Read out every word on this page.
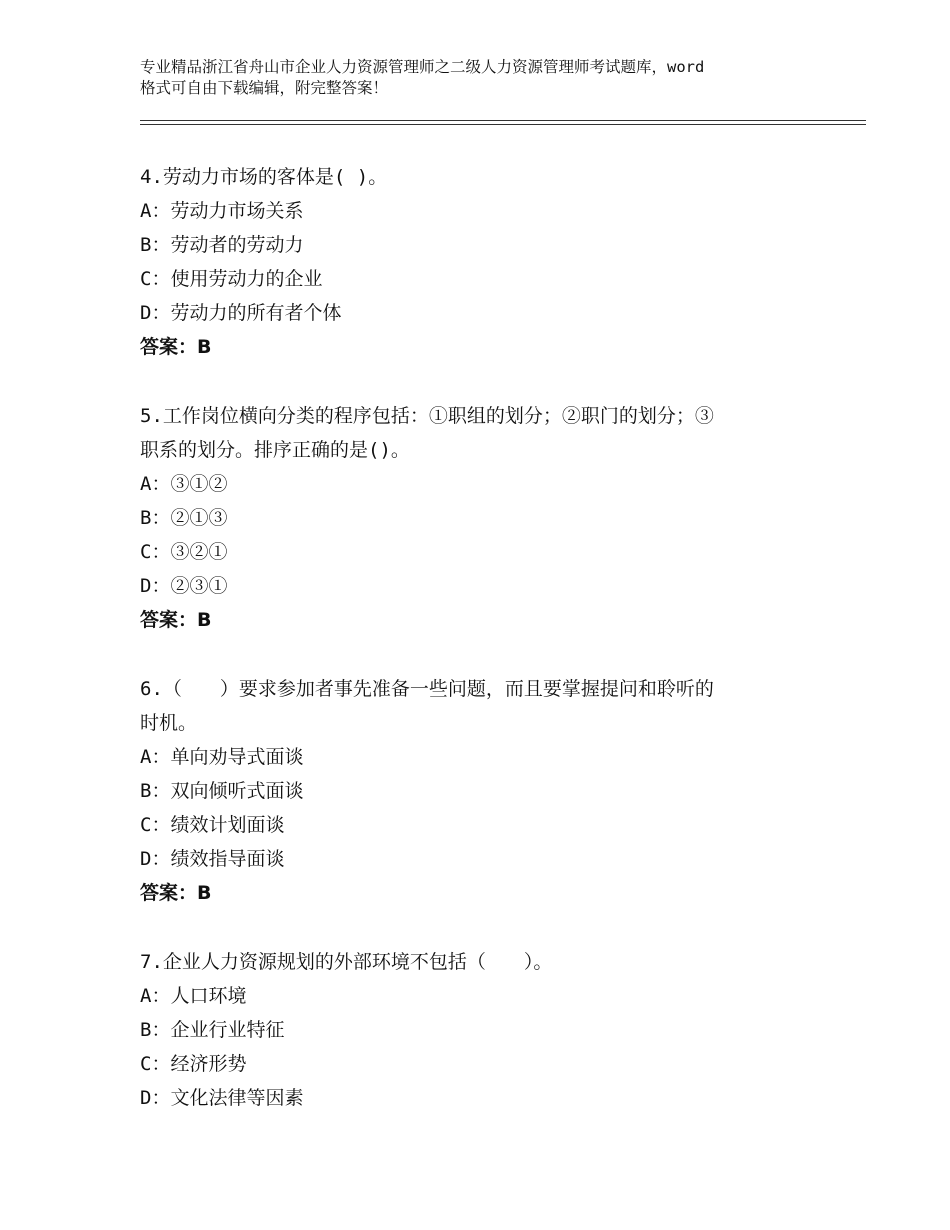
专业精品浙江省舟山市企业人力资源管理师之二级人力资源管理师考试题库，word
格式可自由下载编辑，附完整答案！

4.劳动力市场的客体是( )。

A：劳动力市场关系

B：劳动者的劳动力

C：使用劳动力的企业

D：劳动力的所有者个体

答案：B

5.工作岗位横向分类的程序包括：①职组的划分；②职门的划分；③

职系的划分。排序正确的是()。

A：③①②

B：②①③

C：③②①

D：②③①

答案：B

6.（　　）要求参加者事先准备一些问题，而且要掌握提问和聆听的

时机。

A：单向劝导式面谈

B：双向倾听式面谈

C：绩效计划面谈

D：绩效指导面谈

答案：B

7.企业人力资源规划的外部环境不包括（　　）。

A：人口环境

B：企业行业特征

C：经济形势

D：文化法律等因素
